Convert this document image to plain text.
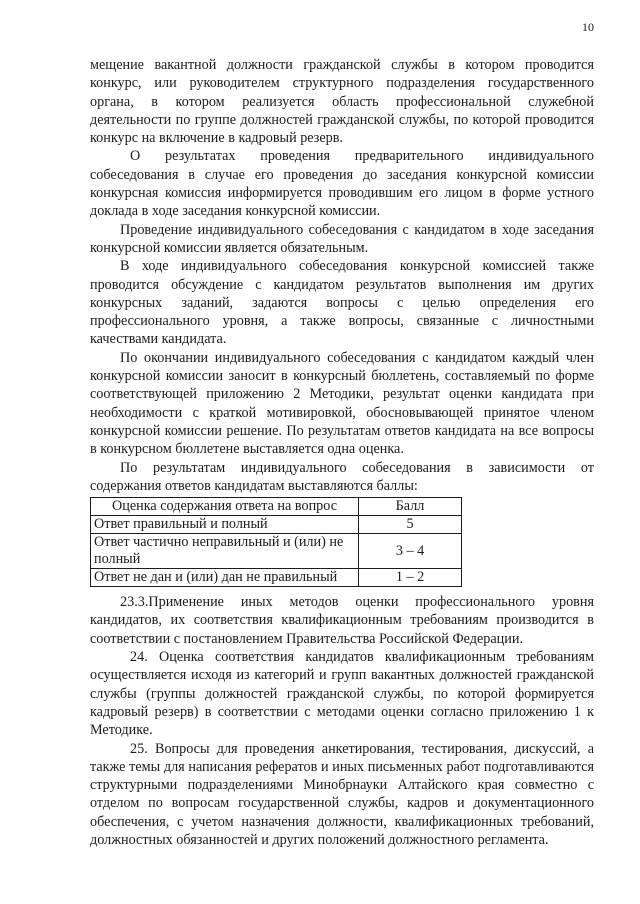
10

мещение вакантной должности гражданской службы в котором проводится конкурс, или руководителем структурного подразделения государственного органа, в котором реализуется область профессиональной служебной деятельности по группе должностей гражданской службы, по которой проводится конкурс на включение в кадровый резерв.

О результатах проведения предварительного индивидуального собеседования в случае его проведения до заседания конкурсной комиссии конкурсная комиссия информируется проводившим его лицом в форме устного доклада в ходе заседания конкурсной комиссии.

Проведение индивидуального собеседования с кандидатом в ходе заседания конкурсной комиссии является обязательным.

В ходе индивидуального собеседования конкурсной комиссией также проводится обсуждение с кандидатом результатов выполнения им других конкурсных заданий, задаются вопросы с целью определения его профессионального уровня, а также вопросы, связанные с личностными качествами кандидата.

По окончании индивидуального собеседования с кандидатом каждый член конкурсной комиссии заносит в конкурсный бюллетень, составляемый по форме соответствующей приложению 2 Методики, результат оценки кандидата при необходимости с краткой мотивировкой, обосновывающей принятое членом конкурсной комиссии решение. По результатам ответов кандидата на все вопросы в конкурсном бюллетене выставляется одна оценка.

По результатам индивидуального собеседования в зависимости от содержания ответов кандидатам выставляются баллы:

Оценка содержания ответа на вопрос	Балл
Ответ правильный и полный	5
Ответ частично неправильный и (или) не полный	3 – 4
Ответ не дан и (или) дан не правильный	1 – 2

23.3.Применение иных методов оценки профессионального уровня кандидатов, их соответствия квалификационным требованиям производится в соответствии с постановлением Правительства Российской Федерации.

24. Оценка соответствия кандидатов квалификационным требованиям осуществляется исходя из категорий и групп вакантных должностей гражданской службы (группы должностей гражданской службы, по которой формируется кадровый резерв) в соответствии с методами оценки согласно приложению 1 к Методике.

25. Вопросы для проведения анкетирования, тестирования, дискуссий, а также темы для написания рефератов и иных письменных работ подготавливаются структурными подразделениями Минобрнауки Алтайского края совместно с отделом по вопросам государственной службы, кадров и документационного обеспечения, с учетом назначения должности, квалификационных требований, должностных обязанностей и других положений должностного регламента.
